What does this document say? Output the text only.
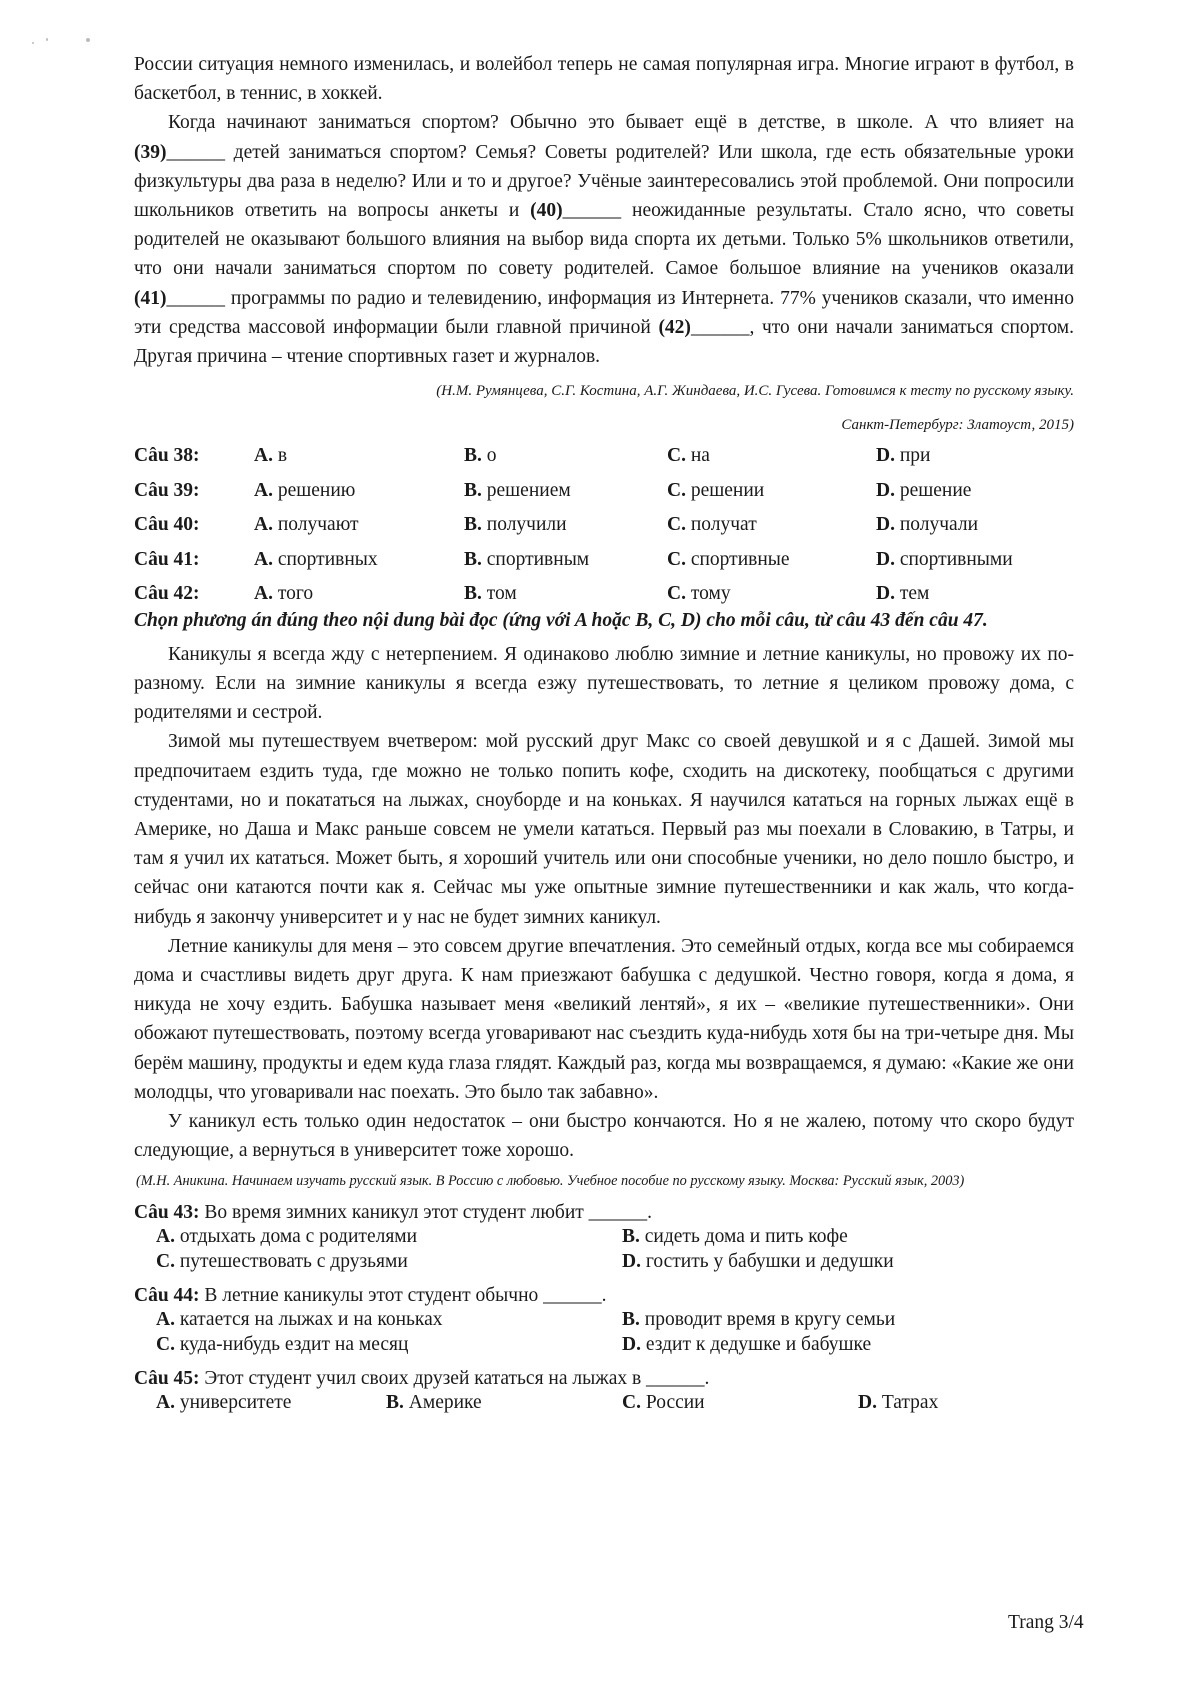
России ситуация немного изменилась, и волейбол теперь не самая популярная игра. Многие играют в футбол, в баскетбол, в теннис, в хоккей.

Когда начинают заниматься спортом? Обычно это бывает ещё в детстве, в школе. А что влияет на (39)______ детей заниматься спортом? Семья? Советы родителей? Или школа, где есть обязательные уроки физкультуры два раза в неделю? Или и то и другое? Учёные заинтересовались этой проблемой. Они попросили школьников ответить на вопросы анкеты и (40)______ неожиданные результаты. Стало ясно, что советы родителей не оказывают большого влияния на выбор вида спорта их детьми. Только 5% школьников ответили, что они начали заниматься спортом по совету родителей. Самое большое влияние на учеников оказали (41)______ программы по радио и телевидению, информация из Интернета. 77% учеников сказали, что именно эти средства массовой информации были главной причиной (42)______, что они начали заниматься спортом. Другая причина – чтение спортивных газет и журналов.

(Н.М. Румянцева, С.Г. Костина, А.Г. Жиндаева, И.С. Гусева. Готовимся к тесту по русскому языку.

Санкт-Петербург: Златоуст, 2015)

Câu 38:	A. в	B. о	C. на	D. при
Câu 39:	A. решению	B. решением	C. решении	D. решение
Câu 40:	A. получают	B. получили	C. получат	D. получали
Câu 41:	A. спортивных	B. спортивным	C. спортивные	D. спортивными
Câu 42:	A. того	B. том	C. тому	D. тем

Chọn phương án đúng theo nội dung bài đọc (ứng với A hoặc B, C, D) cho mỗi câu, từ câu 43 đến câu 47.

Каникулы я всегда жду с нетерпением. Я одинаково люблю зимние и летние каникулы, но провожу их по-разному. Если на зимние каникулы я всегда езжу путешествовать, то летние я целиком провожу дома, с родителями и сестрой.

Зимой мы путешествуем вчетвером: мой русский друг Макс со своей девушкой и я с Дашей. Зимой мы предпочитаем ездить туда, где можно не только попить кофе, сходить на дискотеку, пообщаться с другими студентами, но и покататься на лыжах, сноуборде и на коньках. Я научился кататься на горных лыжах ещё в Америке, но Даша и Макс раньше совсем не умели кататься. Первый раз мы поехали в Словакию, в Татры, и там я учил их кататься. Может быть, я хороший учитель или они способные ученики, но дело пошло быстро, и сейчас они катаются почти как я. Сейчас мы уже опытные зимние путешественники и как жаль, что когда-нибудь я закончу университет и у нас не будет зимних каникул.

Летние каникулы для меня – это совсем другие впечатления. Это семейный отдых, когда все мы собираемся дома и счастливы видеть друг друга. К нам приезжают бабушка с дедушкой. Честно говоря, когда я дома, я никуда не хочу ездить. Бабушка называет меня «великий лентяй», я их – «великие путешественники». Они обожают путешествовать, поэтому всегда уговаривают нас съездить куда-нибудь хотя бы на три-четыре дня. Мы берём машину, продукты и едем куда глаза глядят. Каждый раз, когда мы возвращаемся, я думаю: «Какие же они молодцы, что уговаривали нас поехать. Это было так забавно».

У каникул есть только один недостаток – они быстро кончаются. Но я не жалею, потому что скоро будут следующие, а вернуться в университет тоже хорошо.

(М.Н. Аникина. Начинаем изучать русский язык. В Россию с любовью. Учебное пособие по русскому языку. Москва: Русский язык, 2003)

Câu 43: Во время зимних каникул этот студент любит ______.
A. отдыхать дома с родителями	B. сидеть дома и пить кофе
C. путешествовать с друзьями	D. гостить у бабушки и дедушки
Câu 44: В летние каникулы этот студент обычно ______.
A. катается на лыжах и на коньках	B. проводит время в кругу семьи
C. куда-нибудь ездит на месяц	D. ездит к дедушке и бабушке
Câu 45: Этот студент учил своих друзей кататься на лыжах в ______.
A. университете	B. Америке	C. России	D. Татрах
Trang 3/4
